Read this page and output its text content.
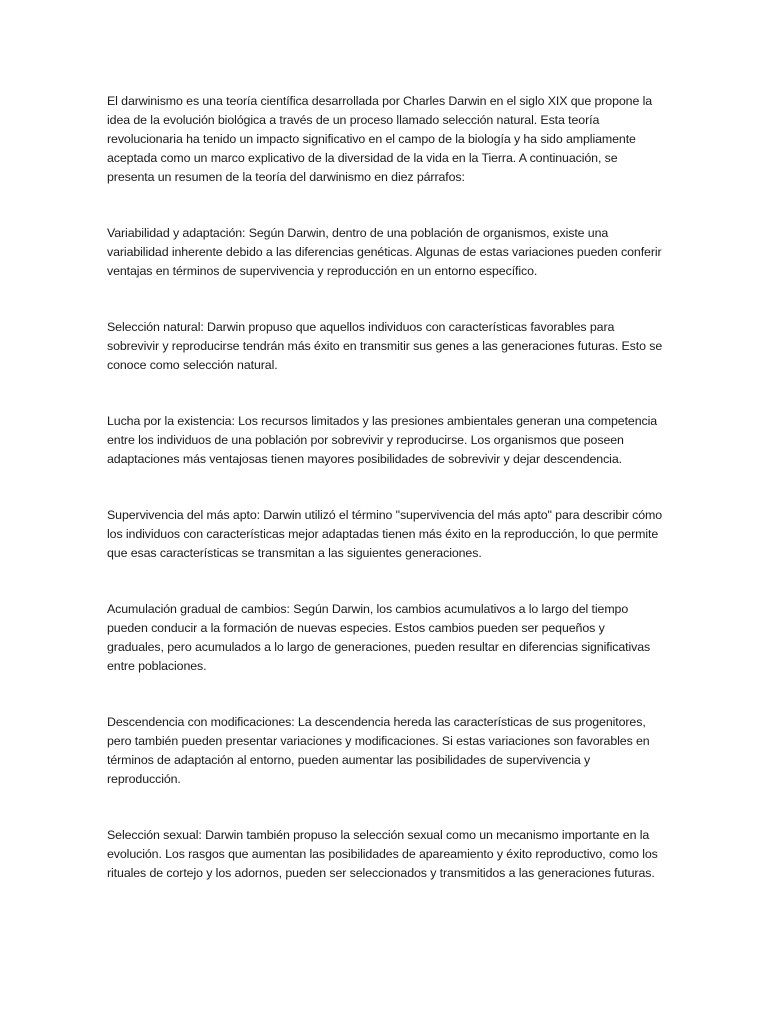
El darwinismo es una teoría científica desarrollada por Charles Darwin en el siglo XIX que propone la idea de la evolución biológica a través de un proceso llamado selección natural. Esta teoría revolucionaria ha tenido un impacto significativo en el campo de la biología y ha sido ampliamente aceptada como un marco explicativo de la diversidad de la vida en la Tierra. A continuación, se presenta un resumen de la teoría del darwinismo en diez párrafos:

Variabilidad y adaptación: Según Darwin, dentro de una población de organismos, existe una variabilidad inherente debido a las diferencias genéticas. Algunas de estas variaciones pueden conferir ventajas en términos de supervivencia y reproducción en un entorno específico.

Selección natural: Darwin propuso que aquellos individuos con características favorables para sobrevivir y reproducirse tendrán más éxito en transmitir sus genes a las generaciones futuras. Esto se conoce como selección natural.

Lucha por la existencia: Los recursos limitados y las presiones ambientales generan una competencia entre los individuos de una población por sobrevivir y reproducirse. Los organismos que poseen adaptaciones más ventajosas tienen mayores posibilidades de sobrevivir y dejar descendencia.

Supervivencia del más apto: Darwin utilizó el término "supervivencia del más apto" para describir cómo los individuos con características mejor adaptadas tienen más éxito en la reproducción, lo que permite que esas características se transmitan a las siguientes generaciones.

Acumulación gradual de cambios: Según Darwin, los cambios acumulativos a lo largo del tiempo pueden conducir a la formación de nuevas especies. Estos cambios pueden ser pequeños y graduales, pero acumulados a lo largo de generaciones, pueden resultar en diferencias significativas entre poblaciones.

Descendencia con modificaciones: La descendencia hereda las características de sus progenitores, pero también pueden presentar variaciones y modificaciones. Si estas variaciones son favorables en términos de adaptación al entorno, pueden aumentar las posibilidades de supervivencia y reproducción.

Selección sexual: Darwin también propuso la selección sexual como un mecanismo importante en la evolución. Los rasgos que aumentan las posibilidades de apareamiento y éxito reproductivo, como los rituales de cortejo y los adornos, pueden ser seleccionados y transmitidos a las generaciones futuras.
